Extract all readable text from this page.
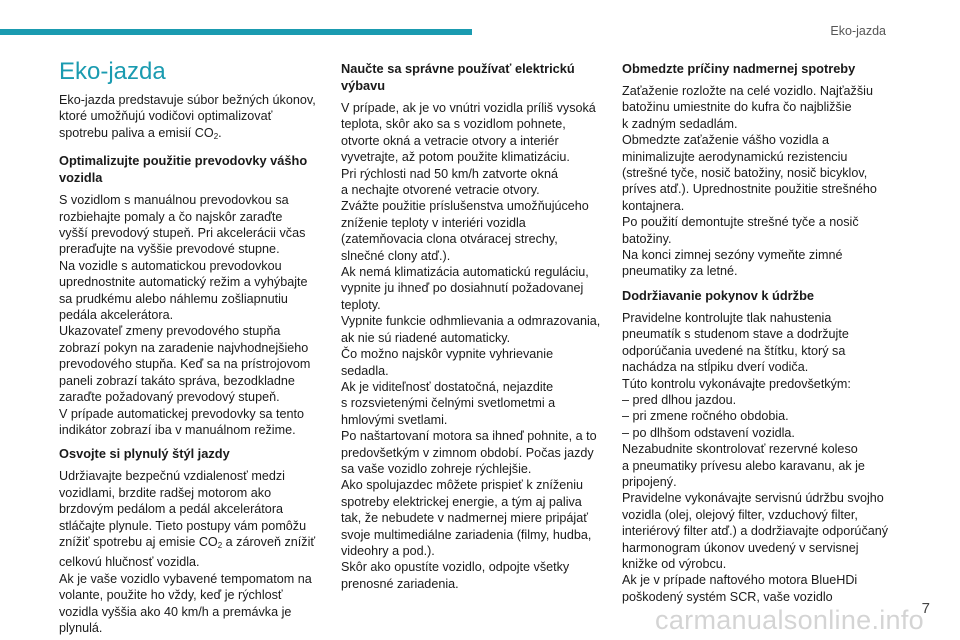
Eko-jazda
Eko-jazda

Eko-jazda predstavuje súbor bežných úkonov, ktoré umožňujú vodičovi optimalizovať spotrebu paliva a emisií $CO_2$.

Optimalizujte použitie prevodovky vášho vozidla

S vozidlom s manuálnou prevodovkou sa rozbiehajte pomaly a čo najskôr zaraďte
vyšší prevodový stupeň. Pri akcelerácii včas preraďujte na vyššie prevodové stupne.
Na vozidle s automatickou prevodovkou uprednostnite automatický režim a vyhýbajte sa prudkému alebo náhlemu zošliapnutiu pedála akcelerátora.
Ukazovateľ zmeny prevodového stupňa zobrazí pokyn na zaradenie najvhodnejšieho prevodového stupňa. Keď sa na prístrojovom paneli zobrazí takáto správa, bezodkladne zaraďte požadovaný prevodový stupeň.
V prípade automatickej prevodovky sa tento indikátor zobrazí iba v manuálnom režime.

Osvojte si plynulý štýl jazdy

Udržiavajte bezpečnú vzdialenosť medzi vozidlami, brzdite radšej motorom ako brzdovým pedálom a pedál akcelerátora stláčajte plynule. Tieto postupy vám pomôžu znížiť spotrebu aj emisie $CO_2$ a zároveň znížiť celkovú hlučnosť vozidla.
Ak je vaše vozidlo vybavené tempomatom na volante, použite ho vždy, keď je rýchlosť vozidla vyššia ako 40 km/h a premávka je plynulá.

Naučte sa správne používať elektrickú výbavu

V prípade, ak je vo vnútri vozidla príliš vysoká teplota, skôr ako sa s vozidlom pohnete, otvorte okná a vetracie otvory a interiér vyvetrajte, až potom použite klimatizáciu.
Pri rýchlosti nad 50 km/h zatvorte okná
a nechajte otvorené vetracie otvory.
Zvážte použitie príslušenstva umožňujúceho zníženie teploty v interiéri vozidla (zatemňovacia clona otváracej strechy, slnečné clony atď.).
Ak nemá klimatizácia automatickú reguláciu, vypnite ju ihneď po dosiahnutí požadovanej teploty.
Vypnite funkcie odhmlievania a odmrazovania, ak nie sú riadené automaticky.
Čo možno najskôr vypnite vyhrievanie sedadla.
Ak je viditeľnosť dostatočná, nejazdite
s rozsvietenými čelnými svetlometmi a hmlovými svetlami.
Po naštartovaní motora sa ihneď pohnite, a to predovšetkým v zimnom období. Počas jazdy sa vaše vozidlo zohreje rýchlejšie.
Ako spolujazdec môžete prispieť k zníženiu spotreby elektrickej energie, a tým aj paliva tak, že nebudete v nadmernej miere pripájať svoje multimediálne zariadenia (filmy, hudba, videohry a pod.).
Skôr ako opustíte vozidlo, odpojte všetky prenosné zariadenia.

Obmedzte príčiny nadmernej spotreby

Zaťaženie rozložte na celé vozidlo. Najťažšiu batožinu umiestnite do kufra čo najbližšie
k zadným sedadlám.
Obmedzte zaťaženie vášho vozidla a minimalizujte aerodynamickú rezistenciu (strešné tyče, nosič batožiny, nosič bicyklov, príves atď.). Uprednostnite použitie strešného kontajnera.
Po použití demontujte strešné tyče a nosič batožiny.
Na konci zimnej sezóny vymeňte zimné pneumatiky za letné.

Dodržiavanie pokynov k údržbe

Pravidelne kontrolujte tlak nahustenia pneumatík s studenom stave a dodržujte odporúčania uvedené na štítku, ktorý sa nachádza na stĺpiku dverí vodiča.
Túto kontrolu vykonávajte predovšetkým:
– pred dlhou jazdou.
– pri zmene ročného obdobia.
– po dlhšom odstavení vozidla.
Nezabudnite skontrolovať rezervné koleso
a pneumatiky prívesu alebo karavanu, ak je pripojený.
Pravidelne vykonávajte servisnú údržbu svojho vozidla (olej, olejový filter, vzduchový filter, interiérový filter atď.) a dodržiavajte odporúčaný harmonogram úkonov uvedený v servisnej knižke od výrobcu.
Ak je v prípade naftového motora BlueHDi poškodený systém SCR, vaše vozidlo

7
carmanualsonline.info
